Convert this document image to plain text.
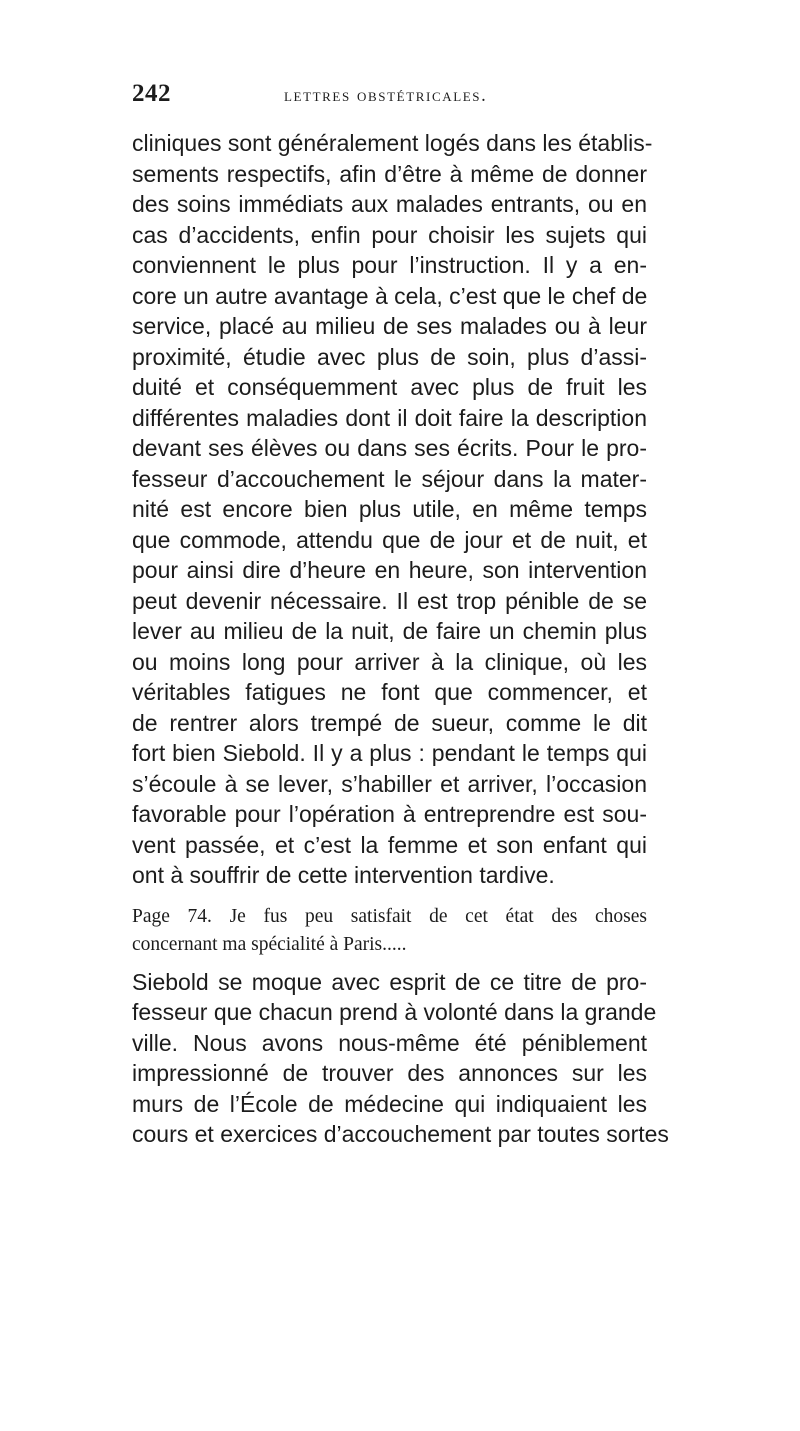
242	lettres obstétricales.
cliniques sont généralement logés dans les établis-
sements respectifs, afin d’être à même de donner
des soins immédiats aux malades entrants, ou en
cas d’accidents, enfin pour choisir les sujets qui
conviennent le plus pour l’instruction. Il y a en-
core un autre avantage à cela, c’est que le chef de
service, placé au milieu de ses malades ou à leur
proximité, étudie avec plus de soin, plus d’assi-
duité et conséquemment avec plus de fruit les
différentes maladies dont il doit faire la description
devant ses élèves ou dans ses écrits. Pour le pro-
fesseur d’accouchement le séjour dans la mater-
nité est encore bien plus utile, en même temps
que commode, attendu que de jour et de nuit, et
pour ainsi dire d’heure en heure, son intervention
peut devenir nécessaire. Il est trop pénible de se
lever au milieu de la nuit, de faire un chemin plus
ou moins long pour arriver à la clinique, où les
véritables fatigues ne font que commencer, et
de rentrer alors trempé de sueur, comme le dit
fort bien Siebold. Il y a plus : pendant le temps qui
s’écoule à se lever, s’habiller et arriver, l’occasion
favorable pour l’opération à entreprendre est sou-
vent passée, et c’est la femme et son enfant qui
ont à souffrir de cette intervention tardive.
Page 74. Je fus peu satisfait de cet état des choses
concernant ma spécialité à Paris.....
Siebold se moque avec esprit de ce titre de pro-
fesseur que chacun prend à volonté dans la grande
ville. Nous avons nous-même été péniblement
impressionné de trouver des annonces sur les
murs de l’École de médecine qui indiquaient les
cours et exercices d’accouchement par toutes sortes
